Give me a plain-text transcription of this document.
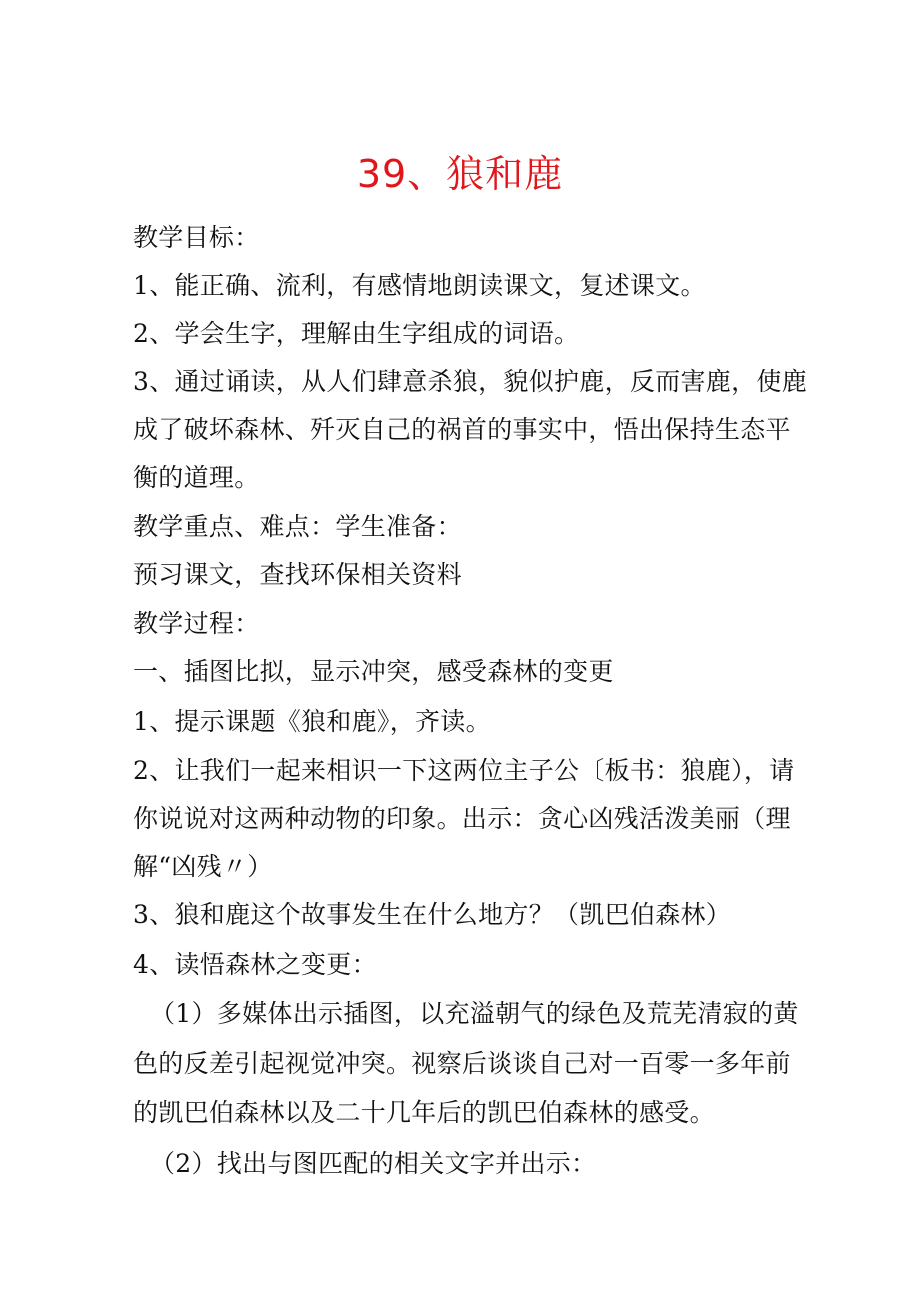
39、狼和鹿
教学目标：
1、能正确、流利，有感情地朗读课文，复述课文。
2、学会生字，理解由生字组成的词语。
3、通过诵读，从人们肆意杀狼，貌似护鹿，反而害鹿，使鹿
成了破坏森林、歼灭自己的祸首的事实中，悟出保持生态平
衡的道理。
教学重点、难点：学生准备：
预习课文，查找环保相关资料
教学过程：
一、插图比拟，显示冲突，感受森林的变更
1、提示课题《狼和鹿》，齐读。
2、让我们一起来相识一下这两位主子公〔板书：狼鹿），请
你说说对这两种动物的印象。出示：贪心凶残活泼美丽（理
解“凶残〃）
3、狼和鹿这个故事发生在什么地方？（凯巴伯森林）
4、读悟森林之变更：
（1）多媒体出示插图，以充溢朝气的绿色及荒芜清寂的黄
色的反差引起视觉冲突。视察后谈谈自己对一百零一多年前
的凯巴伯森林以及二十几年后的凯巴伯森林的感受。
（2）找出与图匹配的相关文字并出示：
